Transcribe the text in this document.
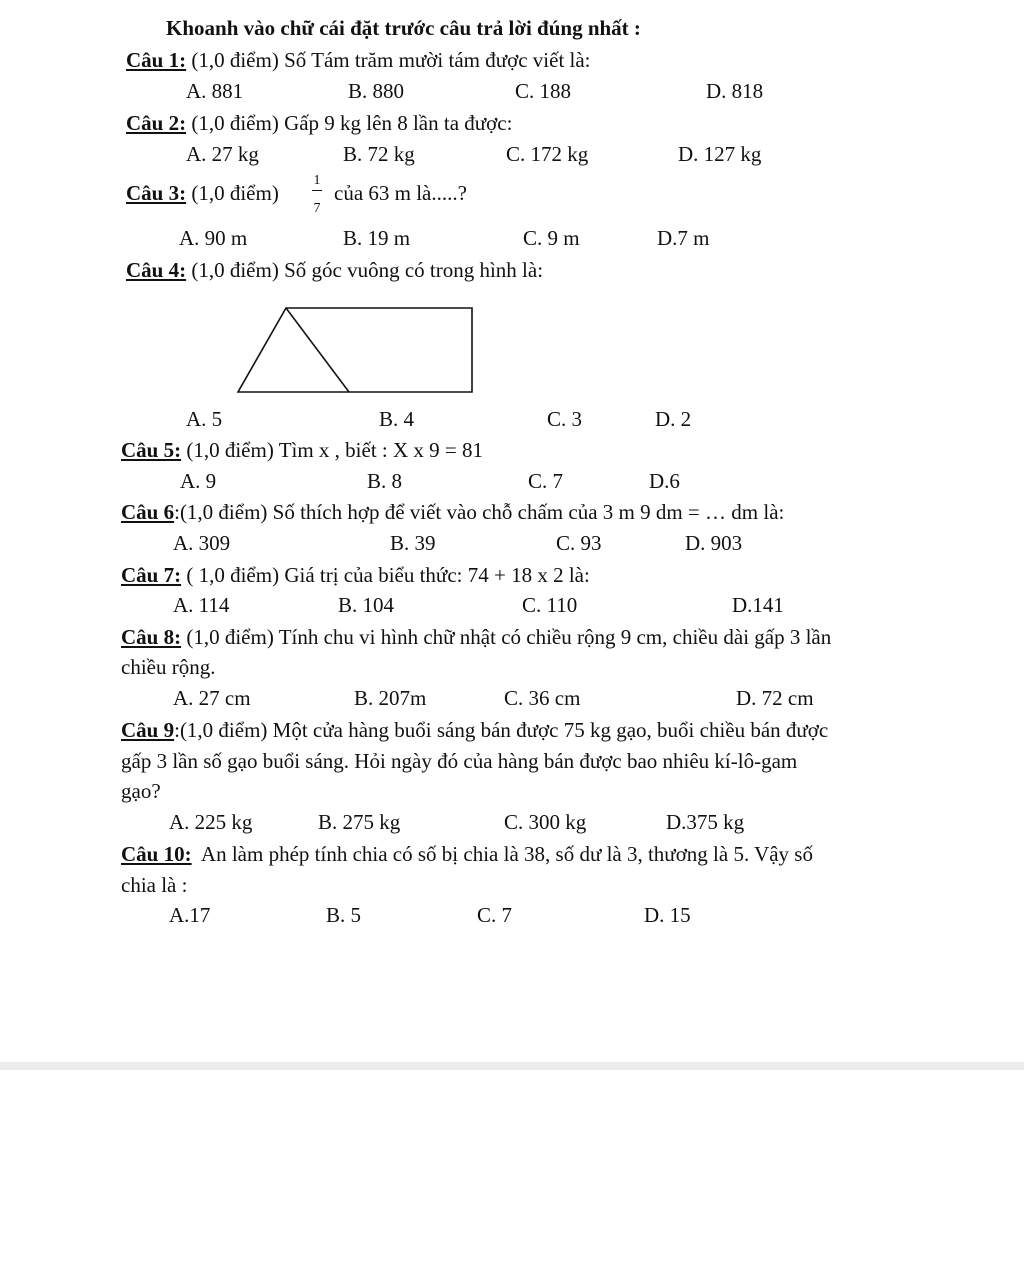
Khoanh vào chữ cái đặt trước câu trả lời đúng nhất :
Câu 1: (1,0 điểm) Số Tám trăm mười tám được viết là:
A. 881	B. 880	C. 188	D. 818
Câu 2: (1,0 điểm) Gấp 9 kg lên 8 lần ta được:
A. 27 kg	B. 72 kg	C. 172 kg	D. 127 kg
Câu 3: (1,0 điểm)
1
7
của 63 m là.....?
A. 90 m	B. 19 m	C. 9 m	D.7 m
Câu 4: (1,0 điểm) Số góc vuông có trong hình là:
A. 5	B. 4	C. 3	D. 2
Câu 5: (1,0 điểm) Tìm x , biết : X x 9 = 81
A. 9	B. 8	C. 7	D.6
Câu 6:(1,0 điểm) Số thích hợp để viết vào chỗ chấm của 3 m 9 dm = … dm là:
A. 309	B. 39	C. 93	D. 903
Câu 7: ( 1,0 điểm) Giá trị của biểu thức: 74 + 18 x 2 là:
A. 114	B. 104	C. 110	D.141
Câu 8: (1,0 điểm) Tính chu vi hình chữ nhật có chiều rộng 9 cm, chiều dài gấp 3 lần
chiều rộng.
A. 27 cm	B. 207m	C. 36 cm	D. 72 cm
Câu 9:(1,0 điểm) Một cửa hàng buổi sáng bán được 75 kg gạo, buổi chiều bán được
gấp 3 lần số gạo buổi sáng. Hỏi ngày đó của hàng bán được bao nhiêu kí-lô-gam
gạo?
A. 225 kg	B. 275 kg	C. 300 kg	D.375 kg
Câu 10:  An làm phép tính chia có số bị chia là 38, số dư là 3, thương là 5. Vậy số
chia là :
A.17	B. 5	C. 7	D. 15
